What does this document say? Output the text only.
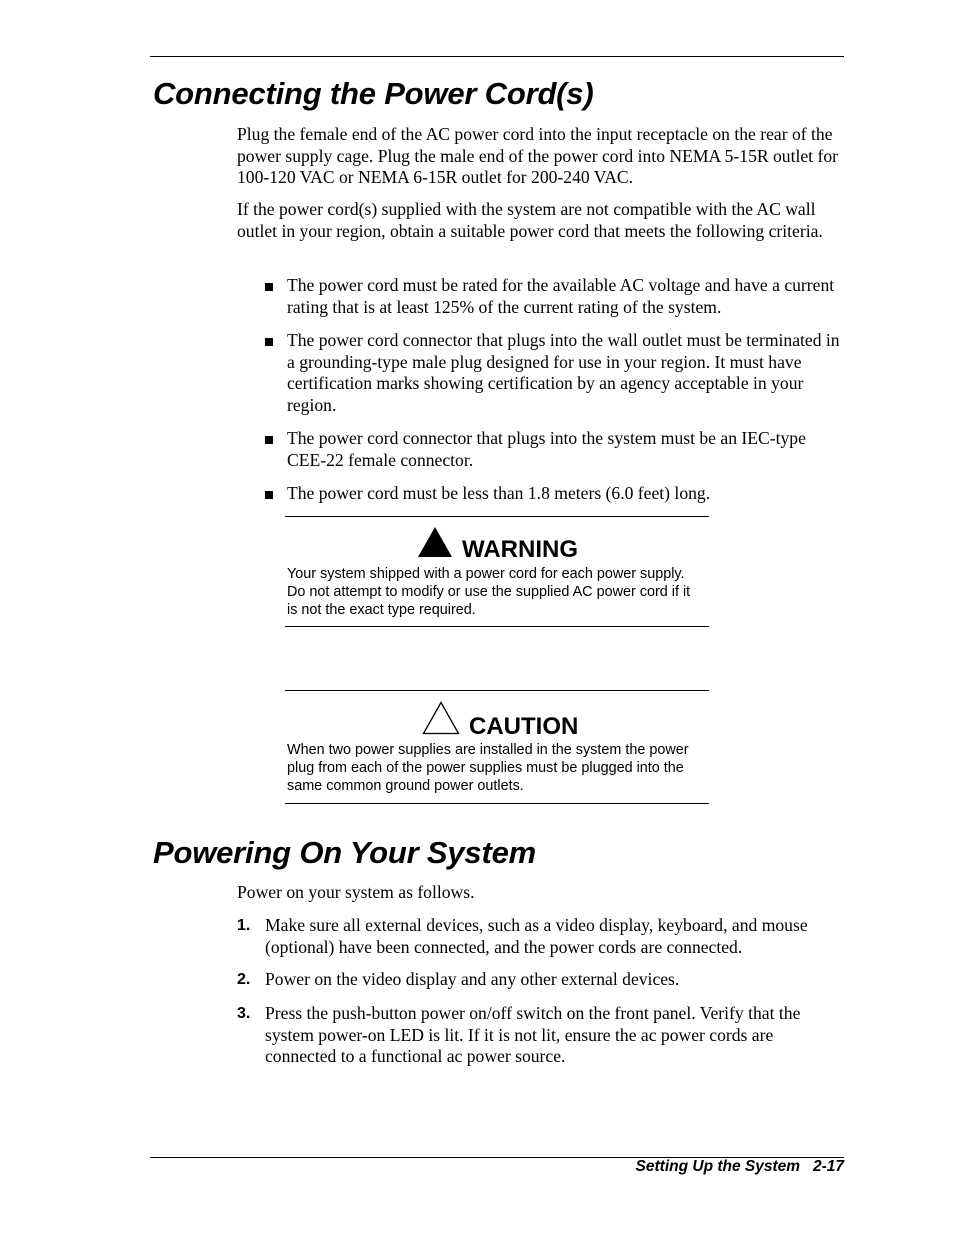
Connecting the Power Cord(s)

Plug the female end of the AC power cord into the input receptacle on the rear of the power supply cage. Plug the male end of the power cord into NEMA 5-15R outlet for 100-120 VAC or NEMA 6-15R outlet for 200-240 VAC.

If the power cord(s) supplied with the system are not compatible with the AC wall outlet in your region, obtain a suitable power cord that meets the following criteria.

The power cord must be rated for the available AC voltage and have a current rating that is at least 125% of the current rating of the system.
The power cord connector that plugs into the wall outlet must be terminated in a grounding-type male plug designed for use in your region. It must have certification marks showing certification by an agency acceptable in your region.
The power cord connector that plugs into the system must be an IEC-type CEE-22 female connector.
The power cord must be less than 1.8 meters (6.0 feet) long.
WARNING
Your system shipped with a power cord for each power supply. Do not attempt to modify or use the supplied AC power cord if it is not the exact type required.
CAUTION
When two power supplies are installed in the system the power plug from each of the power supplies must be plugged into the same common ground power outlets.
Powering On Your System

Power on your system as follows.

1. Make sure all external devices, such as a video display, keyboard, and mouse (optional) have been connected, and the power cords are connected.
2. Power on the video display and any other external devices.
3. Press the push-button power on/off switch on the front panel. Verify that the system power-on LED is lit. If it is not lit, ensure the ac power cords are connected to a functional ac power source.
Setting Up the System 2-17
